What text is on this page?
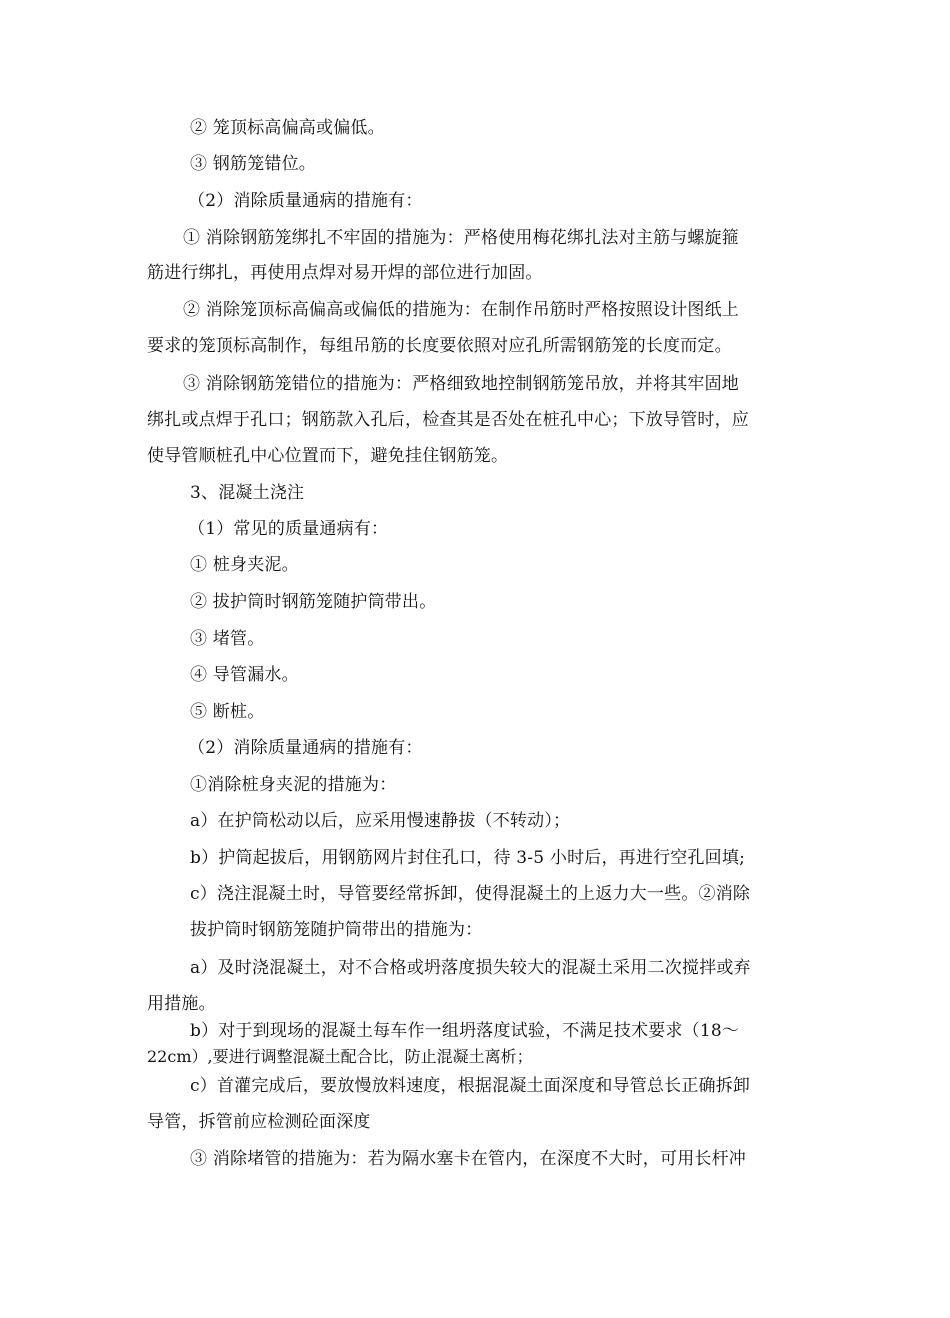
② 笼顶标高偏高或偏低。
③ 钢筋笼错位。
（2）消除质量通病的措施有：
① 消除钢筋笼绑扎不牢固的措施为：严格使用梅花绑扎法对主筋与螺旋箍
筋进行绑扎，再使用点焊对易开焊的部位进行加固。
② 消除笼顶标高偏高或偏低的措施为：在制作吊筋时严格按照设计图纸上
要求的笼顶标高制作，每组吊筋的长度要依照对应孔所需钢筋笼的长度而定。
③ 消除钢筋笼错位的措施为：严格细致地控制钢筋笼吊放，并将其牢固地
绑扎或点焊于孔口；钢筋款入孔后，检查其是否处在桩孔中心；下放导管时，应
使导管顺桩孔中心位置而下，避免挂住钢筋笼。
3、混凝土浇注
（1）常见的质量通病有：
① 桩身夹泥。
② 拔护筒时钢筋笼随护筒带出。
③ 堵管。
④ 导管漏水。
⑤ 断桩。
（2）消除质量通病的措施有：
①消除桩身夹泥的措施为：
a）在护筒松动以后，应采用慢速静拔（不转动）；
b）护筒起拔后，用钢筋网片封住孔口，待 3-5 小时后，再进行空孔回填;
c）浇注混凝土时，导管要经常拆卸，使得混凝土的上返力大一些。②消除
拔护筒时钢筋笼随护筒带出的措施为：
a）及时浇混凝土，对不合格或坍落度损失较大的混凝土采用二次搅拌或弃
用措施。
b）对于到现场的混凝土每车作一组坍落度试验，不满足技术要求（18～
22cm）,要进行调整混凝土配合比，防止混凝土离析；
c）首灌完成后，要放慢放料速度，根据混凝土面深度和导管总长正确拆卸
导管，拆管前应检测砼面深度
③ 消除堵管的措施为：若为隔水塞卡在管内，在深度不大时，可用长杆冲
